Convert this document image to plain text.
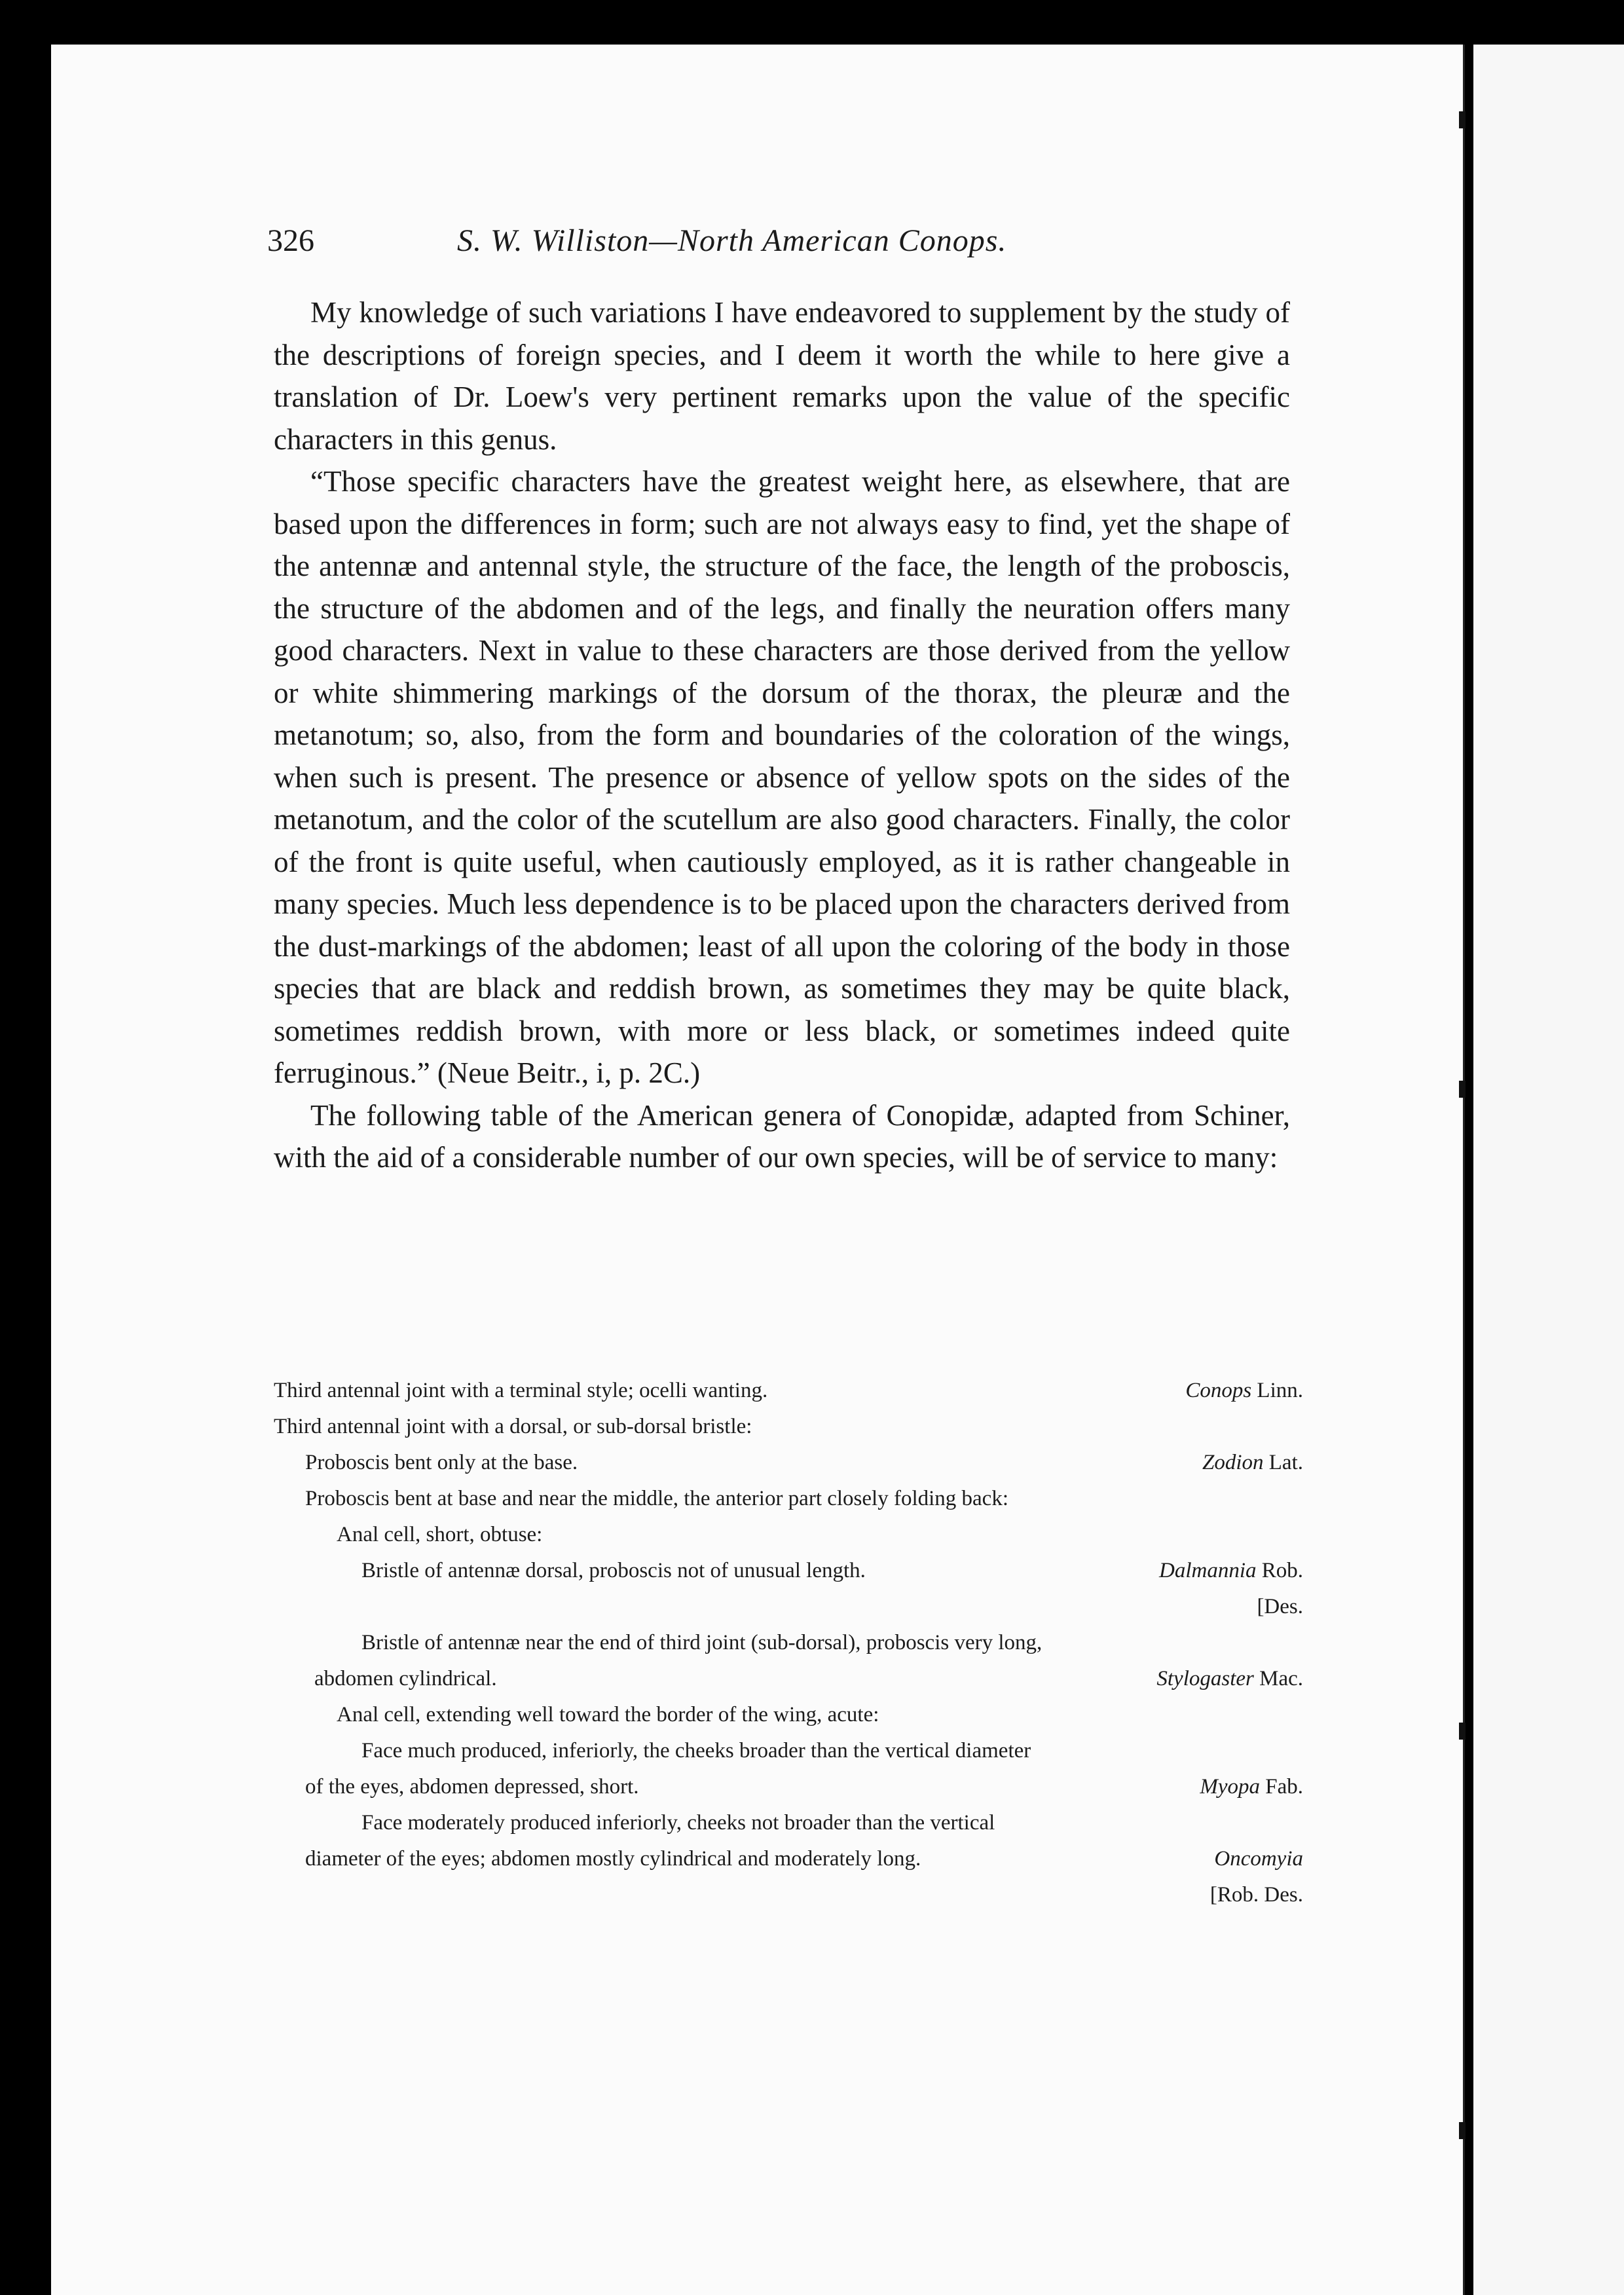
326	S. W. Williston—North American Conops.

My knowledge of such variations I have endeavored to supplement by the study of the descriptions of foreign species, and I deem it worth the while to here give a translation of Dr. Loew's very pertinent remarks upon the value of the specific characters in this genus.

“Those specific characters have the greatest weight here, as elsewhere, that are based upon the differences in form; such are not always easy to find, yet the shape of the antennæ and antennal style, the structure of the face, the length of the proboscis, the structure of the abdomen and of the legs, and finally the neuration offers many good characters. Next in value to these characters are those derived from the yellow or white shimmering markings of the dorsum of the thorax, the pleuræ and the metanotum; so, also, from the form and boundaries of the coloration of the wings, when such is present. The presence or absence of yellow spots on the sides of the metanotum, and the color of the scutellum are also good characters. Finally, the color of the front is quite useful, when cautiously employed, as it is rather changeable in many species. Much less dependence is to be placed upon the characters derived from the dust-markings of the abdomen; least of all upon the coloring of the body in those species that are black and reddish brown, as sometimes they may be quite black, sometimes reddish brown, with more or less black, or sometimes indeed quite ferruginous.” (Neue Beitr., i, p. 2C.)

The following table of the American genera of Conopidæ, adapted from Schiner, with the aid of a considerable number of our own species, will be of service to many:

Third antennal joint with a terminal style; ocelli wanting.	Conops Linn.
Third antennal joint with a dorsal, or sub-dorsal bristle:
Proboscis bent only at the base.	Zodion Lat.
Proboscis bent at base and near the middle, the anterior part closely folding back:
Anal cell, short, obtuse:
Bristle of antennæ dorsal, proboscis not of unusual length.	Dalmannia Rob.
[Des.
Bristle of antennæ near the end of third joint (sub-dorsal), proboscis very long,
abdomen cylindrical.	Stylogaster Mac.
Anal cell, extending well toward the border of the wing, acute:
Face much produced, inferiorly, the cheeks broader than the vertical diameter
of the eyes, abdomen depressed, short.	Myopa Fab.
Face moderately produced inferiorly, cheeks not broader than the vertical
diameter of the eyes; abdomen mostly cylindrical and moderately long.	Oncomyia
[Rob. Des.
